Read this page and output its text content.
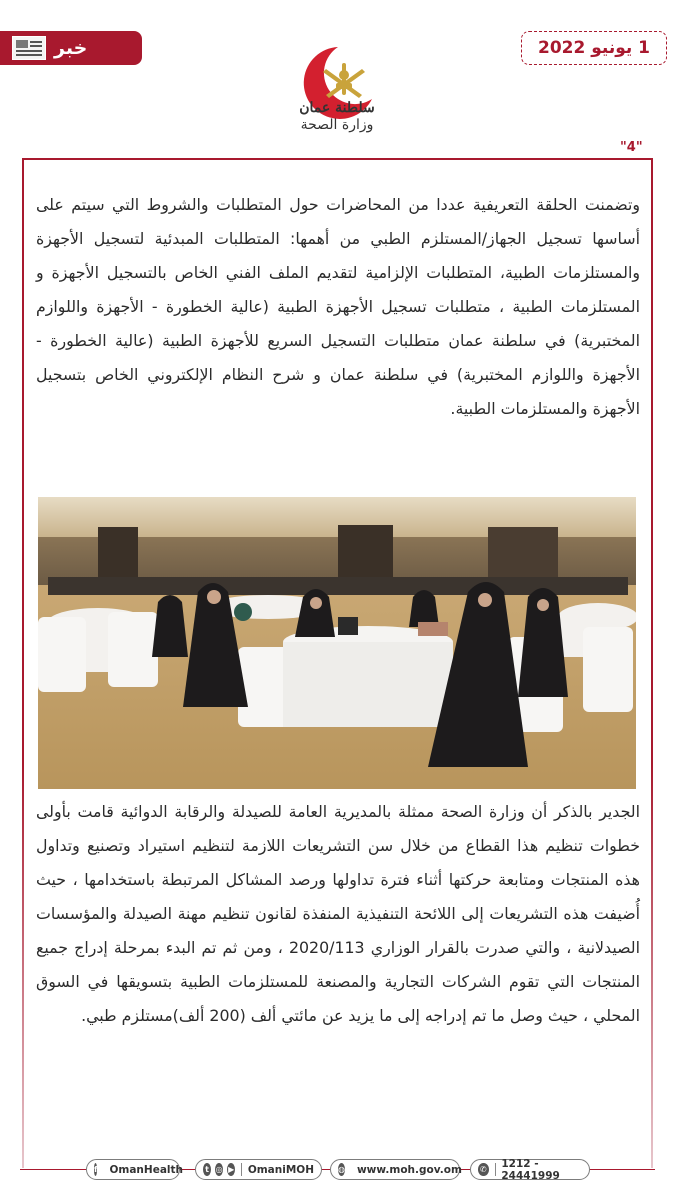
خبر	1 يونيو 2022
سلطنة عمان
وزارة الصحة
"4"
وتضمنت الحلقة التعريفية عددا من المحاضرات حول المتطلبات والشروط التي سيتم على أساسها تسجيل الجهاز/المستلزم الطبي من أهمها: المتطلبات المبدئية لتسجيل الأجهزة والمستلزمات الطبية، المتطلبات الإلزامية لتقديم الملف الفني الخاص بالتسجيل الأجهزة و المستلزمات الطبية ، متطلبات تسجيل الأجهزة الطبية (عالية الخطورة - الأجهزة واللوازم المختبرية) في سلطنة عمان متطلبات التسجيل السريع للأجهزة الطبية (عالية الخطورة - الأجهزة واللوازم المختبرية) في سلطنة عمان و شرح النظام الإلكتروني الخاص بتسجيل الأجهزة والمستلزمات الطبية.
الجدير بالذكر أن وزارة الصحة ممثلة بالمديرية العامة للصيدلة والرقابة الدوائية قامت بأولى خطوات تنظيم هذا القطاع من خلال سن التشريعات اللازمة لتنظيم استيراد وتصنيع وتداول هذه المنتجات ومتابعة حركتها أثناء فترة تداولها ورصد المشاكل المرتبطة باستخدامها ، حيث أُضيفت هذه التشريعات إلى اللائحة التنفيذية المنفذة لقانون تنظيم مهنة الصيدلة والمؤسسات الصيدلانية ، والتي صدرت بالقرار الوزاري 2020/113 ، ومن ثم تم البدء بمرحلة إدراج جميع المنتجات التي تقوم الشركات التجارية والمصنعة للمستلزمات الطبية بتسويقها في السوق المحلي ، حيث وصل ما تم إدراجه إلى ما يزيد عن مائتي ألف (200 ألف)مستلزم طبي.
f OmanHealth	t ◎ ▶ OmaniMOH	◍ www.moh.gov.om ✆ 1212 - 24441999
